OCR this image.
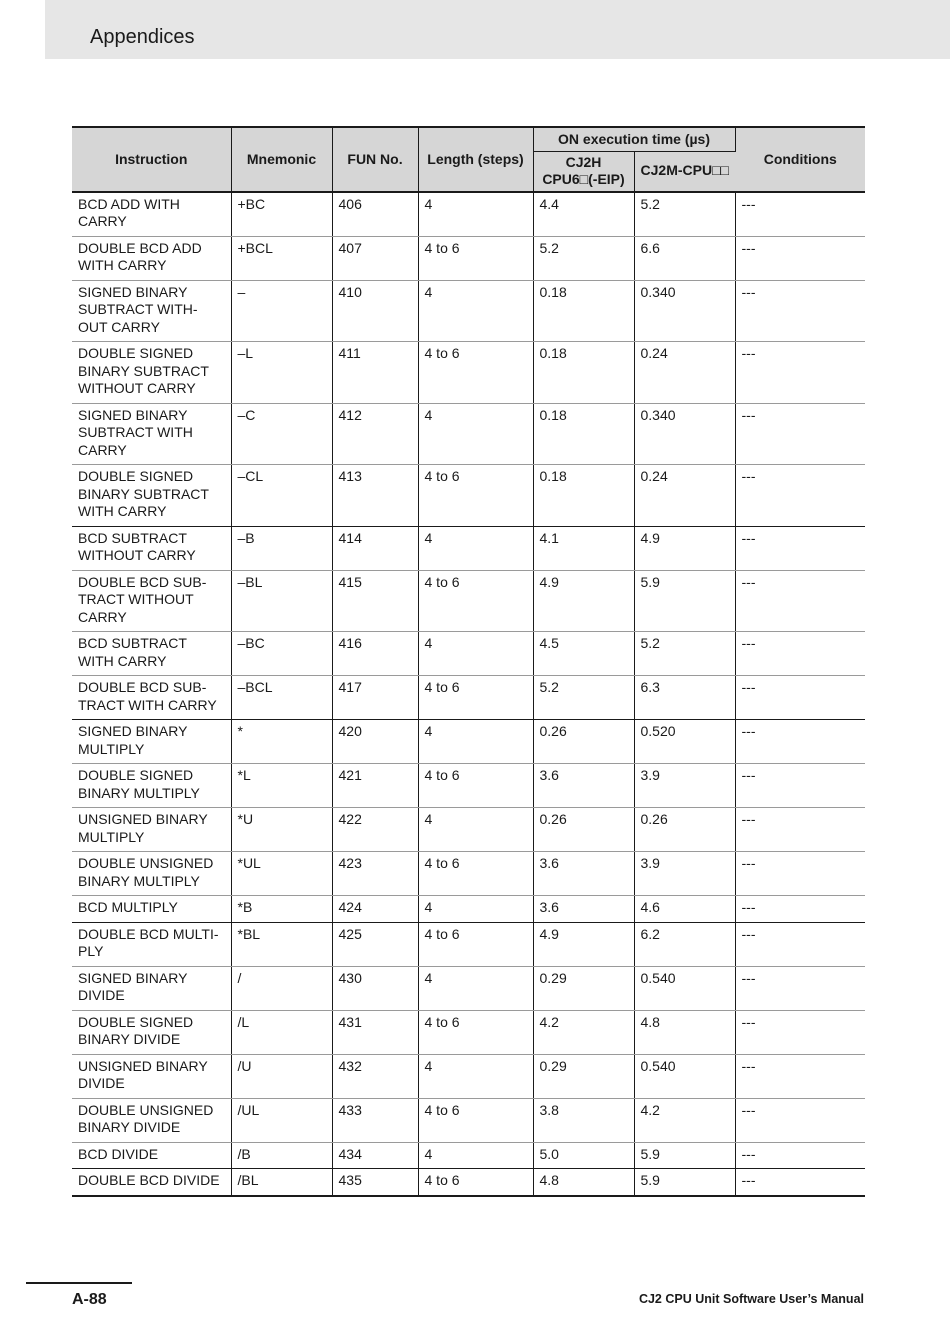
Appendices
Instruction	Mnemonic	FUN No.	Length (steps)	ON execution time (µs)		Conditions
				CJ2H CPU6□(-EIP)	CJ2M-CPU□□	
BCD ADD WITH CARRY	+BC	406	4	4.4	5.2	---
DOUBLE BCD ADD WITH CARRY	+BCL	407	4 to 6	5.2	6.6	---
SIGNED BINARY SUBTRACT WITH-OUT CARRY	–	410	4	0.18	0.340	---
DOUBLE SIGNED BINARY SUBTRACT WITHOUT CARRY	–L	411	4 to 6	0.18	0.24	---
SIGNED BINARY SUBTRACT WITH CARRY	–C	412	4	0.18	0.340	---
DOUBLE SIGNED BINARY SUBTRACT WITH CARRY	–CL	413	4 to 6	0.18	0.24	---
BCD SUBTRACT WITHOUT CARRY	–B	414	4	4.1	4.9	---
DOUBLE BCD SUB-TRACT WITHOUT CARRY	–BL	415	4 to 6	4.9	5.9	---
BCD SUBTRACT WITH CARRY	–BC	416	4	4.5	5.2	---
DOUBLE BCD SUB-TRACT WITH CARRY	–BCL	417	4 to 6	5.2	6.3	---
SIGNED BINARY MULTIPLY	*	420	4	0.26	0.520	---
DOUBLE SIGNED BINARY MULTIPLY	*L	421	4 to 6	3.6	3.9	---
UNSIGNED BINARY MULTIPLY	*U	422	4	0.26	0.26	---
DOUBLE UNSIGNED BINARY MULTIPLY	*UL	423	4 to 6	3.6	3.9	---
BCD MULTIPLY	*B	424	4	3.6	4.6	---
DOUBLE BCD MULTI-PLY	*BL	425	4 to 6	4.9	6.2	---
SIGNED BINARY DIVIDE	/	430	4	0.29	0.540	---
DOUBLE SIGNED BINARY DIVIDE	/L	431	4 to 6	4.2	4.8	---
UNSIGNED BINARY DIVIDE	/U	432	4	0.29	0.540	---
DOUBLE UNSIGNED BINARY DIVIDE	/UL	433	4 to 6	3.8	4.2	---
BCD DIVIDE	/B	434	4	5.0	5.9	---
DOUBLE BCD DIVIDE	/BL	435	4 to 6	4.8	5.9	---
A-88	CJ2 CPU Unit Software User’s Manual
